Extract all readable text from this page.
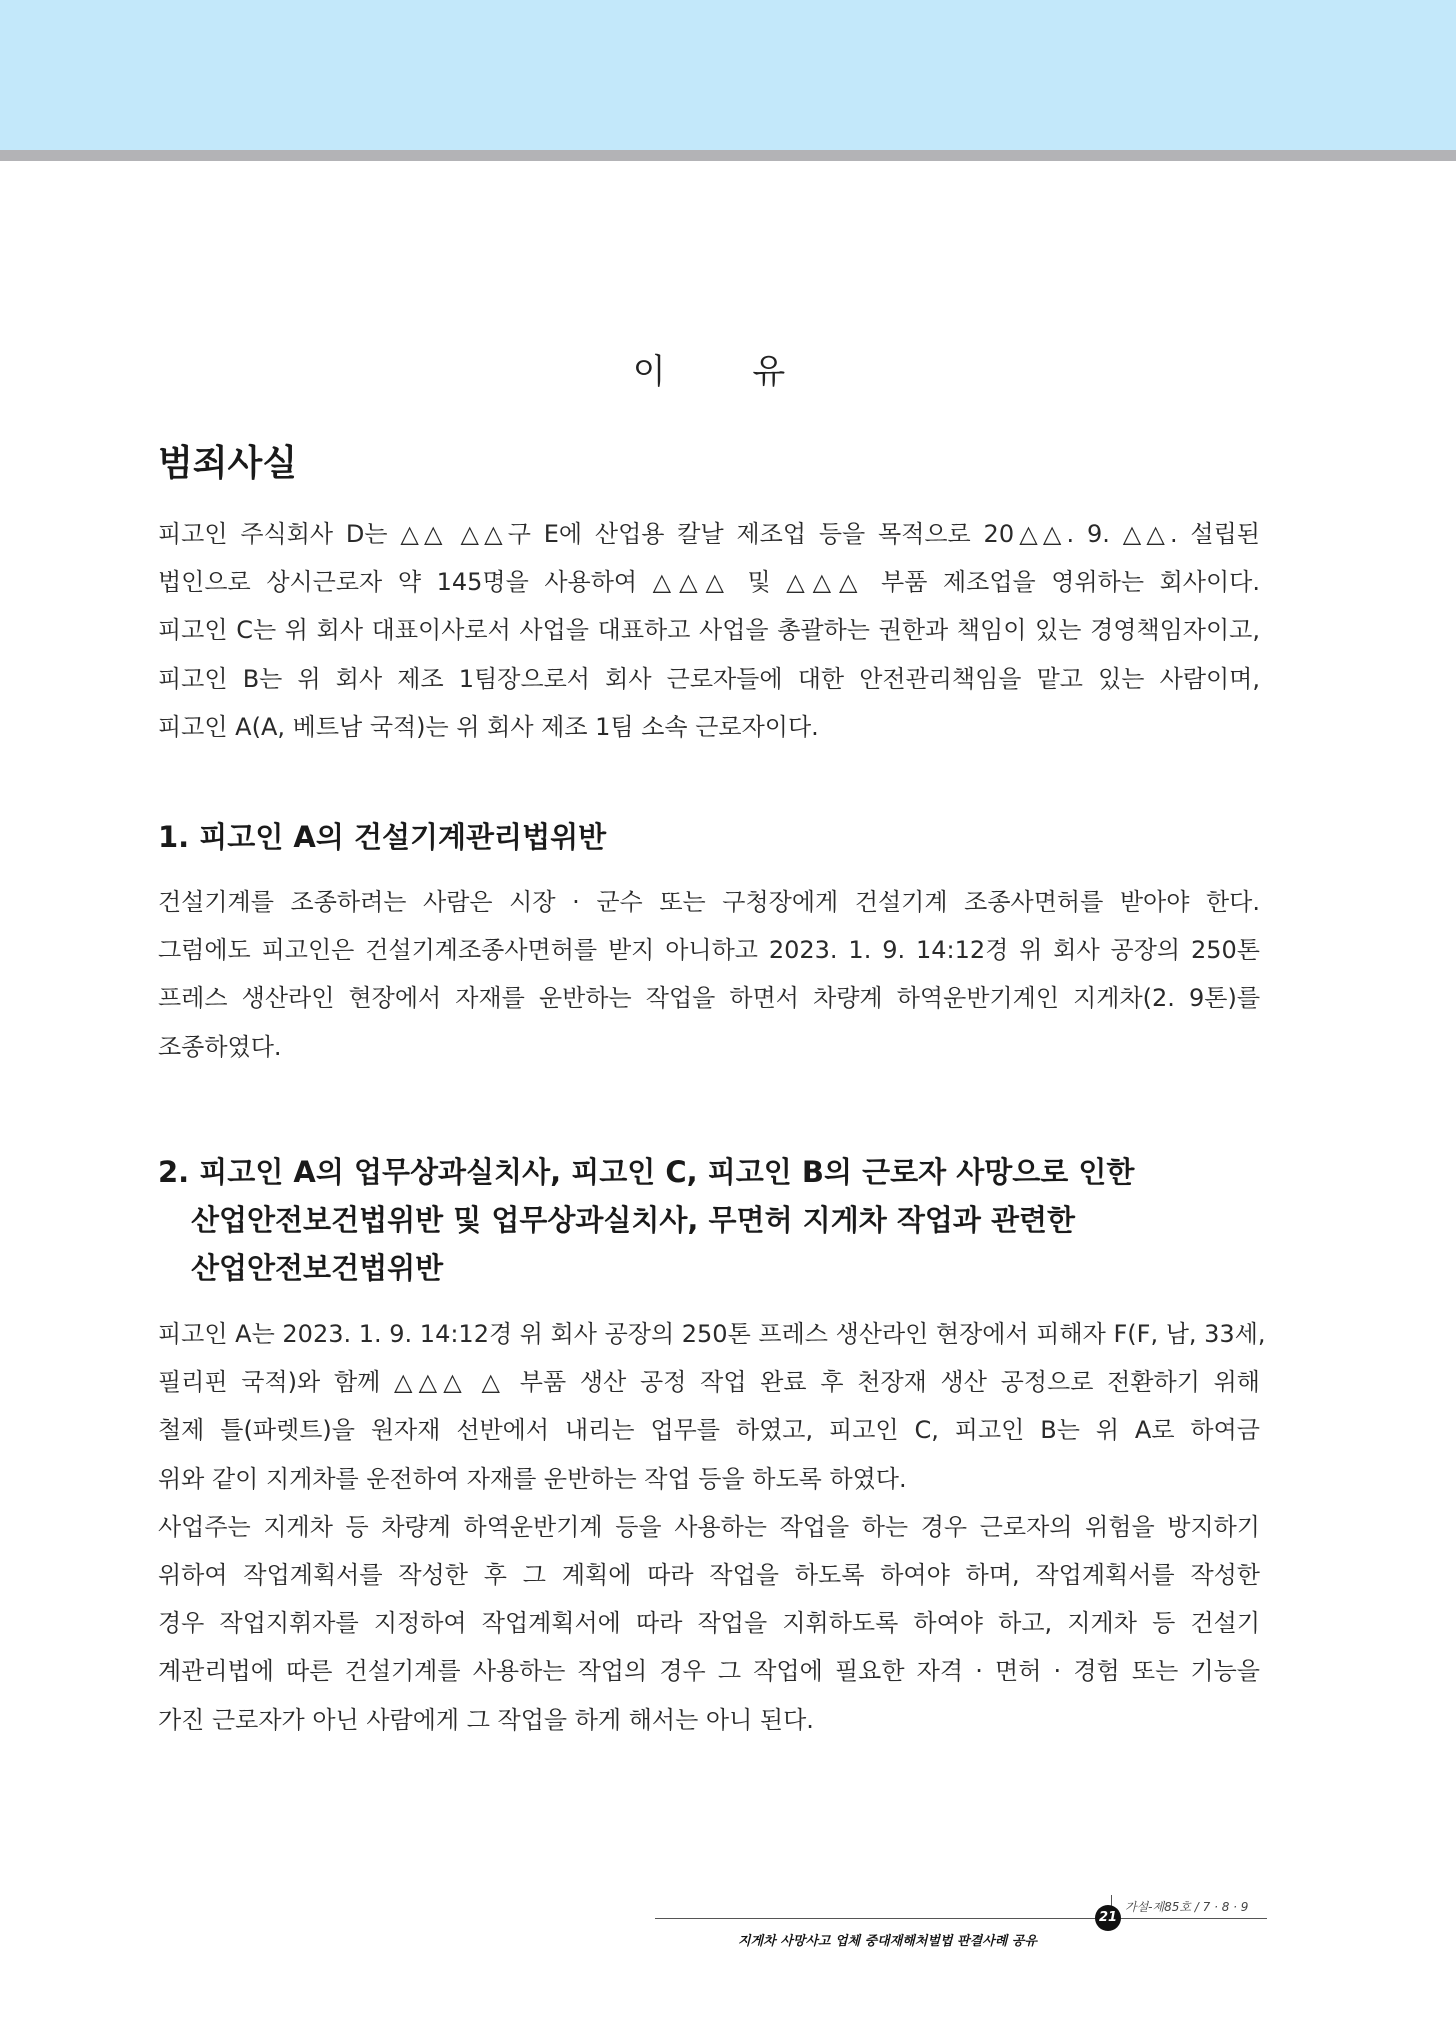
이 유
범죄사실

피고인 주식회사 D는 △△ △△구 E에 산업용 칼날 제조업 등을 목적으로 20△△. 9. △△. 설립된
법인으로 상시근로자 약 145명을 사용하여 △△△ 및 △△△ 부품 제조업을 영위하는 회사이다.
피고인 C는 위 회사 대표이사로서 사업을 대표하고 사업을 총괄하는 권한과 책임이 있는 경영책임자이고,
피고인 B는 위 회사 제조 1팀장으로서 회사 근로자들에 대한 안전관리책임을 맡고 있는 사람이며,
피고인 A(A, 베트남 국적)는 위 회사 제조 1팀 소속 근로자이다.

1. 피고인 A의 건설기계관리법위반

건설기계를 조종하려는 사람은 시장 · 군수 또는 구청장에게 건설기계 조종사면허를 받아야 한다.
그럼에도 피고인은 건설기계조종사면허를 받지 아니하고 2023. 1. 9. 14:12경 위 회사 공장의 250톤
프레스 생산라인 현장에서 자재를 운반하는 작업을 하면서 차량계 하역운반기계인 지게차(2. 9톤)를
조종하였다.

2. 피고인 A의 업무상과실치사, 피고인 C, 피고인 B의 근로자 사망으로 인한
산업안전보건법위반 및 업무상과실치사, 무면허 지게차 작업과 관련한
산업안전보건법위반

피고인 A는 2023. 1. 9. 14:12경 위 회사 공장의 250톤 프레스 생산라인 현장에서 피해자 F(F, 남, 33세,
필리핀 국적)와 함께 △△△ △ 부품 생산 공정 작업 완료 후 천장재 생산 공정으로 전환하기 위해
철제 틀(파렛트)을 원자재 선반에서 내리는 업무를 하였고, 피고인 C, 피고인 B는 위 A로 하여금
위와 같이 지게차를 운전하여 자재를 운반하는 작업 등을 하도록 하였다.
사업주는 지게차 등 차량계 하역운반기계 등을 사용하는 작업을 하는 경우 근로자의 위험을 방지하기
위하여 작업계획서를 작성한 후 그 계획에 따라 작업을 하도록 하여야 하며, 작업계획서를 작성한
경우 작업지휘자를 지정하여 작업계획서에 따라 작업을 지휘하도록 하여야 하고, 지게차 등 건설기
계관리법에 따른 건설기계를 사용하는 작업의 경우 그 작업에 필요한 자격 · 면허 · 경험 또는 기능을
가진 근로자가 아닌 사람에게 그 작업을 하게 해서는 아니 된다.

가설-제85호 / 7 · 8 · 9
21
지게차 사망사고 업체 중대재해처벌법 판결사례 공유
